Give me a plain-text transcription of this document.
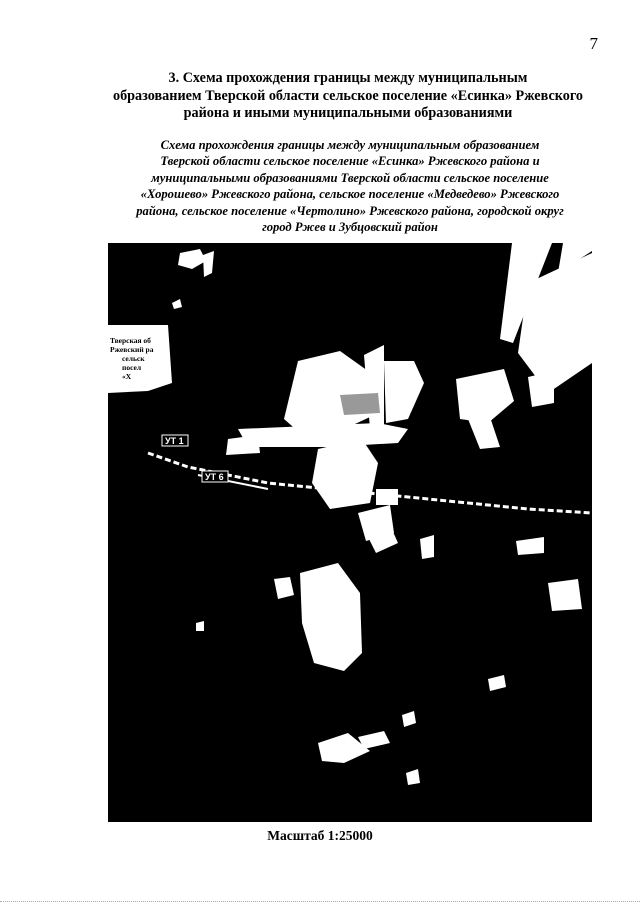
7
3. Схема прохождения границы между муниципальным
образованием Тверской области сельское поселение «Есинка» Ржевского
района и иными муниципальными образованиями
Схема прохождения границы между муниципальным образованием
Тверской области сельское поселение «Есинка» Ржевского района и
муниципальными образованиями Тверской области сельское поселение
«Хорошево» Ржевского района, сельское поселение «Медведево» Ржевского
района, сельское поселение «Чертолино» Ржевского района, городской округ
город Ржев и Зубцовский район
Тверская об
Ржевский ра
сельск
посел
«Х
УТ 1
УТ 6
Масштаб 1:25000
